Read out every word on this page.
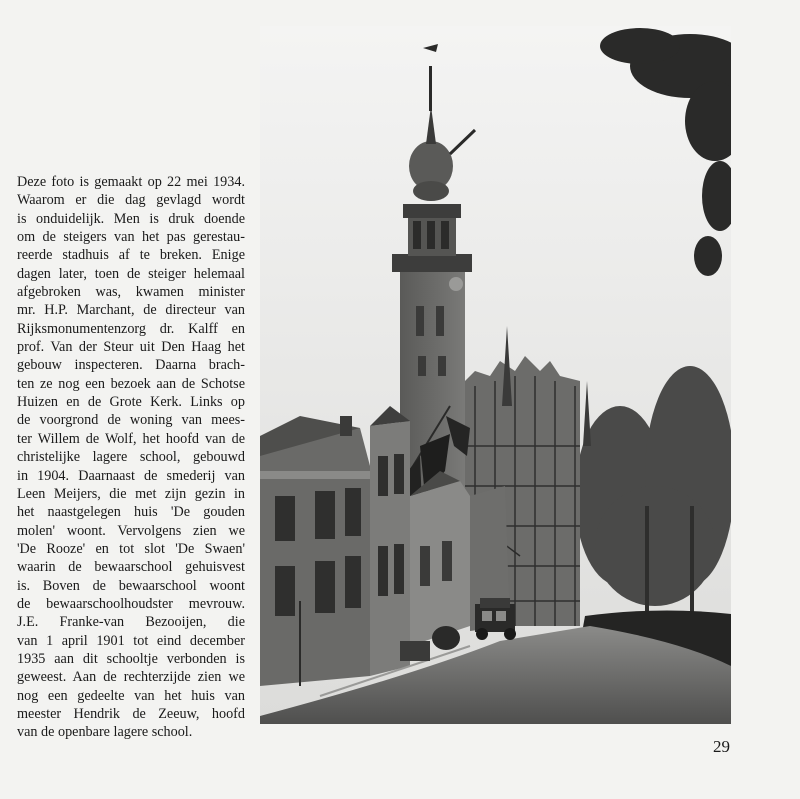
Deze foto is gemaakt op 22 mei 1934.
Waarom er die dag gevlagd wordt
is onduidelijk. Men is druk doende
om de steigers van het pas gerestau-
reerde stadhuis af te breken. Enige
dagen later, toen de steiger helemaal
afgebroken was, kwamen minister
mr. H.P. Marchant, de directeur van
Rijksmonumentenzorg dr. Kalff en
prof. Van der Steur uit Den Haag het
gebouw inspecteren. Daarna brach-
ten ze nog een bezoek aan de Schotse
Huizen en de Grote Kerk. Links op
de voorgrond de woning van mees-
ter Willem de Wolf, het hoofd van de
christelijke lagere school, gebouwd
in 1904. Daarnaast de smederij van
Leen Meijers, die met zijn gezin in
het naastgelegen huis 'De gouden
molen' woont. Vervolgens zien we
'De Rooze' en tot slot 'De Swaen'
waarin de bewaarschool gehuisvest
is. Boven de bewaarschool woont
de bewaarschoolhoudster mevrouw.
J.E. Franke-van Bezooijen, die
van 1 april 1901 tot eind december
1935 aan dit schooltje verbonden is
geweest. Aan de rechterzijde zien we
nog een gedeelte van het huis van
meester Hendrik de Zeeuw, hoofd
van de openbare lagere school.
29
